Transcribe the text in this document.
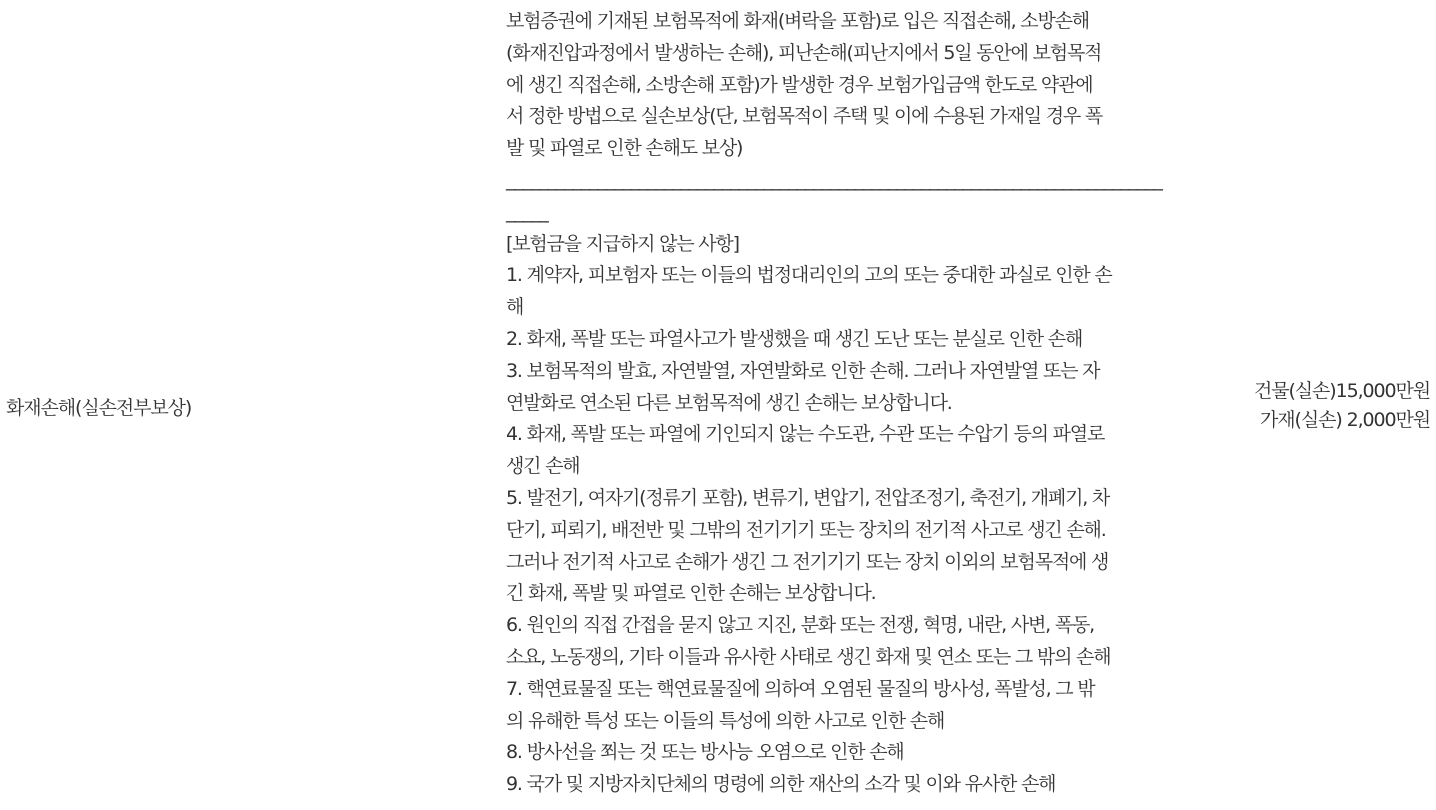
화재손해(실손전부보상)

보험증권에 기재된 보험목적에 화재(벼락을 포함)로 입은 직접손해, 소방손해

(화재진압과정에서 발생하는 손해), 피난손해(피난지에서 5일 동안에 보험목적

에 생긴 직접손해, 소방손해 포함)가 발생한 경우 보험가입금액 한도로 약관에

서 정한 방법으로 실손보상(단, 보험목적이 주택 및 이에 수용된 가재일 경우 폭

발 및 파열로 인한 손해도 보상)

_______________________________________________________________________________

_____

[보험금을 지급하지 않는 사항]

1. 계약자, 피보험자 또는 이들의 법정대리인의 고의 또는 중대한 과실로 인한 손

해

2. 화재, 폭발 또는 파열사고가 발생했을 때 생긴 도난 또는 분실로 인한 손해

3. 보험목적의 발효, 자연발열, 자연발화로 인한 손해. 그러나 자연발열 또는 자

연발화로 연소된 다른 보험목적에 생긴 손해는 보상합니다.

4. 화재, 폭발 또는 파열에 기인되지 않는 수도관, 수관 또는 수압기 등의 파열로

생긴 손해

5. 발전기, 여자기(정류기 포함), 변류기, 변압기, 전압조정기, 축전기, 개폐기, 차

단기, 피뢰기, 배전반 및 그밖의 전기기기 또는 장치의 전기적 사고로 생긴 손해.

그러나 전기적 사고로 손해가 생긴 그 전기기기 또는 장치 이외의 보험목적에 생

긴 화재, 폭발 및 파열로 인한 손해는 보상합니다.

6. 원인의 직접 간접을 묻지 않고 지진, 분화 또는 전쟁, 혁명, 내란, 사변, 폭동,

소요, 노동쟁의, 기타 이들과 유사한 사태로 생긴 화재 및 연소 또는 그 밖의 손해

7. 핵연료물질 또는 핵연료물질에 의하여 오염된 물질의 방사성, 폭발성, 그 밖

의 유해한 특성 또는 이들의 특성에 의한 사고로 인한 손해

8. 방사선을 쬐는 것 또는 방사능 오염으로 인한 손해

9. 국가 및 지방자치단체의 명령에 의한 재산의 소각 및 이와 유사한 손해

건물(실손)15,000만원
가재(실손) 2,000만원
